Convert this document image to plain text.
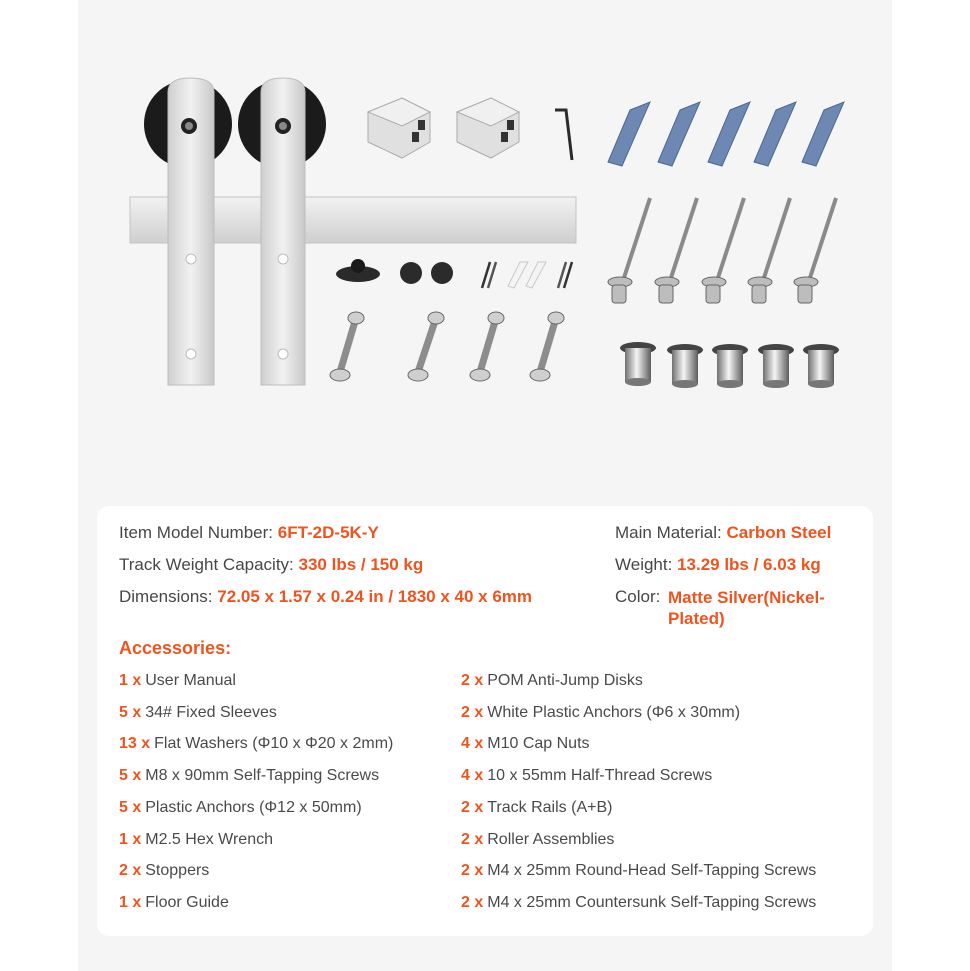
Item Model Number: 6FT-2D-5K-Y
Track Weight Capacity: 330 lbs / 150 kg
Dimensions: 72.05 x 1.57 x 0.24 in / 1830 x 40 x 6mm
Main Material: Carbon Steel
Weight: 13.29 lbs / 6.03 kg
Color: Matte Silver(Nickel-
Plated)
Accessories:
1 x User Manual
5 x 34# Fixed Sleeves
13 x Flat Washers (Φ10 x Φ20 x 2mm)
5 x M8 x 90mm Self-Tapping Screws
5 x Plastic Anchors (Φ12 x 50mm)
1 x M2.5 Hex Wrench
2 x Stoppers
1 x Floor Guide
2 x POM Anti-Jump Disks
2 x White Plastic Anchors (Φ6 x 30mm)
4 x M10 Cap Nuts
4 x 10 x 55mm Half-Thread Screws
2 x Track Rails (A+B)
2 x Roller Assemblies
2 x M4 x 25mm Round-Head Self-Tapping Screws
2 x M4 x 25mm Countersunk Self-Tapping Screws
